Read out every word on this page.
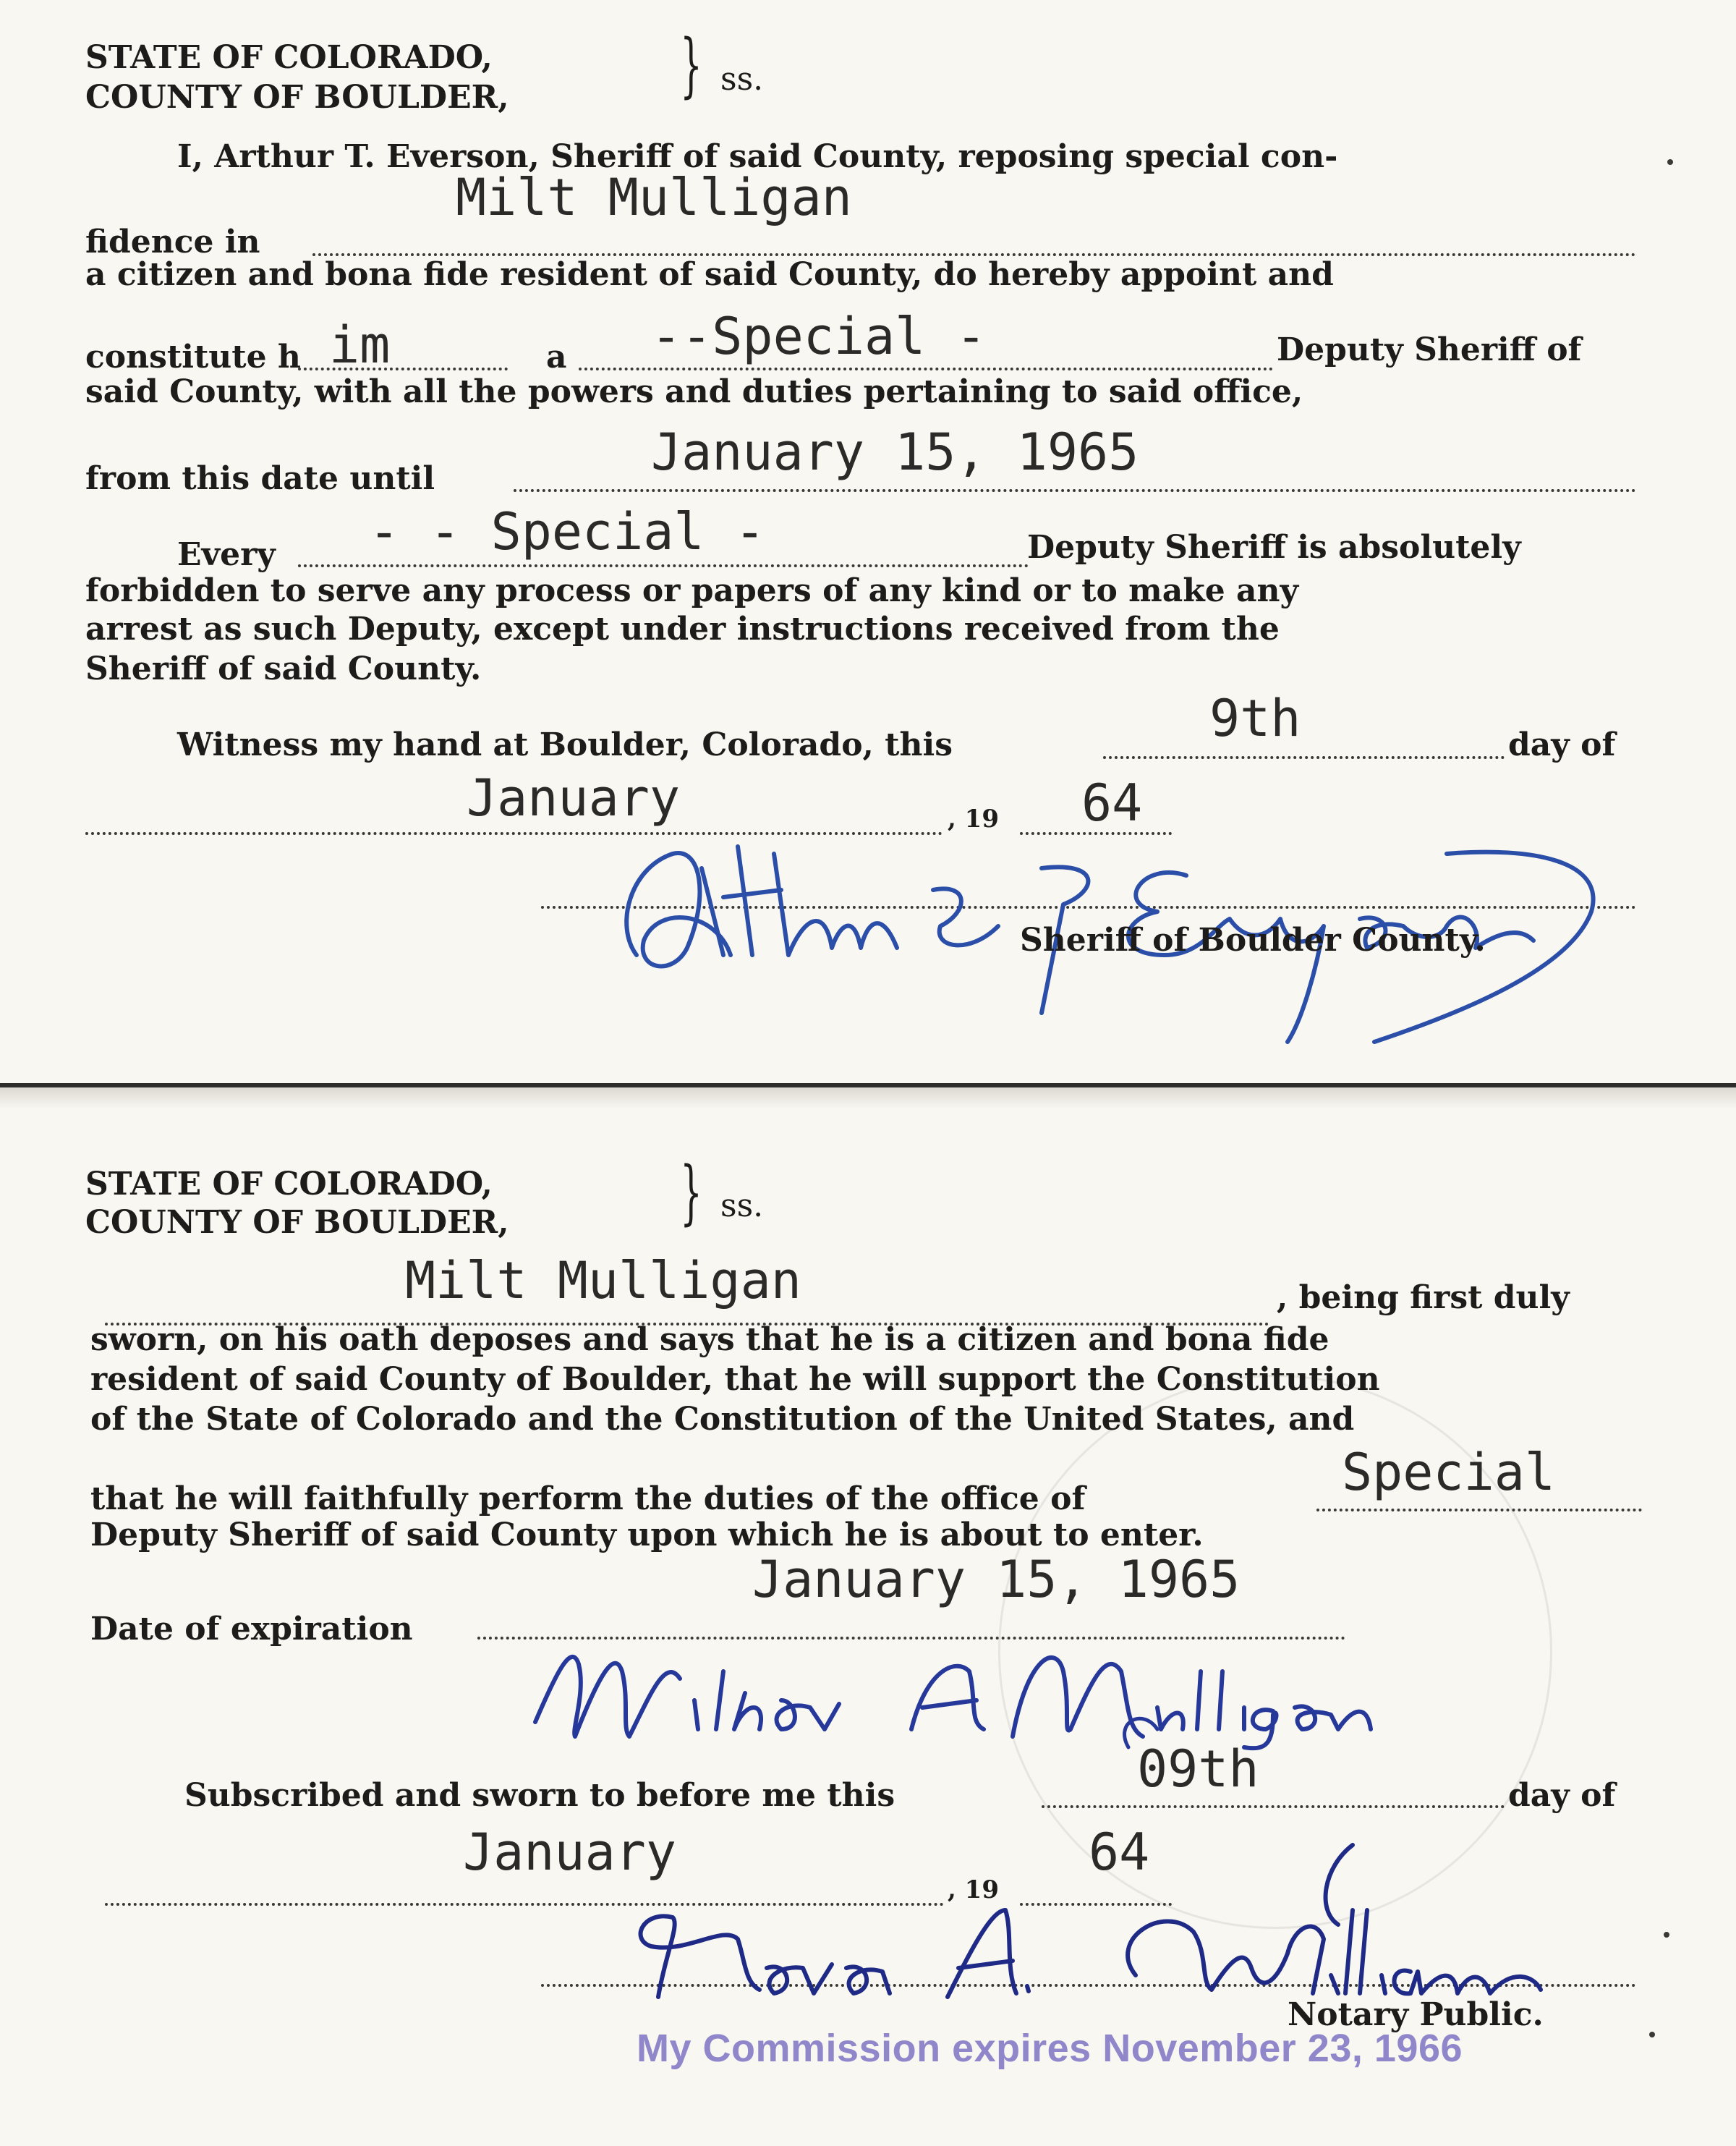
STATE OF COLORADO,
COUNTY OF BOULDER, } ss.
I, Arthur T. Everson, Sheriff of said County, reposing special con-
fidence in
Milt Mulligan
a citizen and bona fide resident of said County, do hereby appoint and
constitute h im	a --Special -	Deputy Sheriff of
said County, with all the powers and duties pertaining to said office,
from this date until	January 15, 1965
Every - - Special -	Deputy Sheriff is absolutely
forbidden to serve any process or papers of any kind or to make any
arrest as such Deputy, except under instructions received from the
Sheriff of said County.
Witness my hand at Boulder, Colorado, this	9th	day of
January	, 19 64
Sheriff of Boulder County.
STATE OF COLORADO,
COUNTY OF BOULDER, } ss.
Milt Mulligan	, being first duly
sworn, on his oath deposes and says that he is a citizen and bona fide
resident of said County of Boulder, that he will support the Constitution
of the State of Colorado and the Constitution of the United States, and
that he will faithfully perform the duties of the office of	Special
Deputy Sheriff of said County upon which he is about to enter.
Date of expiration
January 15, 1965
Subscribed and sworn to before me this	09th	day of
January
, 19
64
Notary Public.
My Commission expires November 23, 1966
